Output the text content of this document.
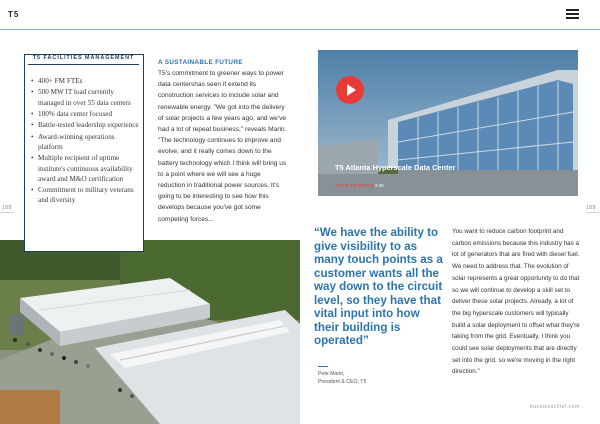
T5
188	189
T5 FACILITIES MANAGEMENT
• 400+ FM FTEs
• 500 MW IT load currently managed in over 55 data centers
• 100% data center focused
• Battle-tested leadership experience
• Award-winning operations platform
• Multiple recipient of uptime institute's continuous availability award and M&O certification
• Commitment to military veterans and diversity
A SUSTAINABLE FUTURE
T5's commitment to greener ways to power data centershas seen it extend its construction services to include solar and renewable energy. "We got into the delivery of solar projects a few years ago, and we've had a lot of repeat business," reveals Marin. "The technology continues to improve and evolve, and it really comes down to the battery technology which I think will bring us to a point where we will see a huge reduction in traditional power sources. It's going to be interesting to see how this develops because you've got some competing forces...
T5 Atlanta Hyperscale Data Center
CLICK TO WATCH 2:45
“We have the ability to give visibility to as many touch points as a customer wants all the way down to the circuit level, so they have that vital input into how their building is operated”
Pete Marin,
President & CEO, T5
You want to reduce carbon footprint and carbon emissions because this industry has a lot of generators that are fired with diesel fuel. We need to address that. The evolution of solar represents a great opportunity to do that so we will continue to develop a skill set to deliver these solar projects. Already, a lot of the big hyperscale customers will typically build a solar deployment to offset what they're taking from the grid. Eventually, I think you could see solar deployments that are directly set into the grid, so we're moving in the right direction."
businesschief.com
